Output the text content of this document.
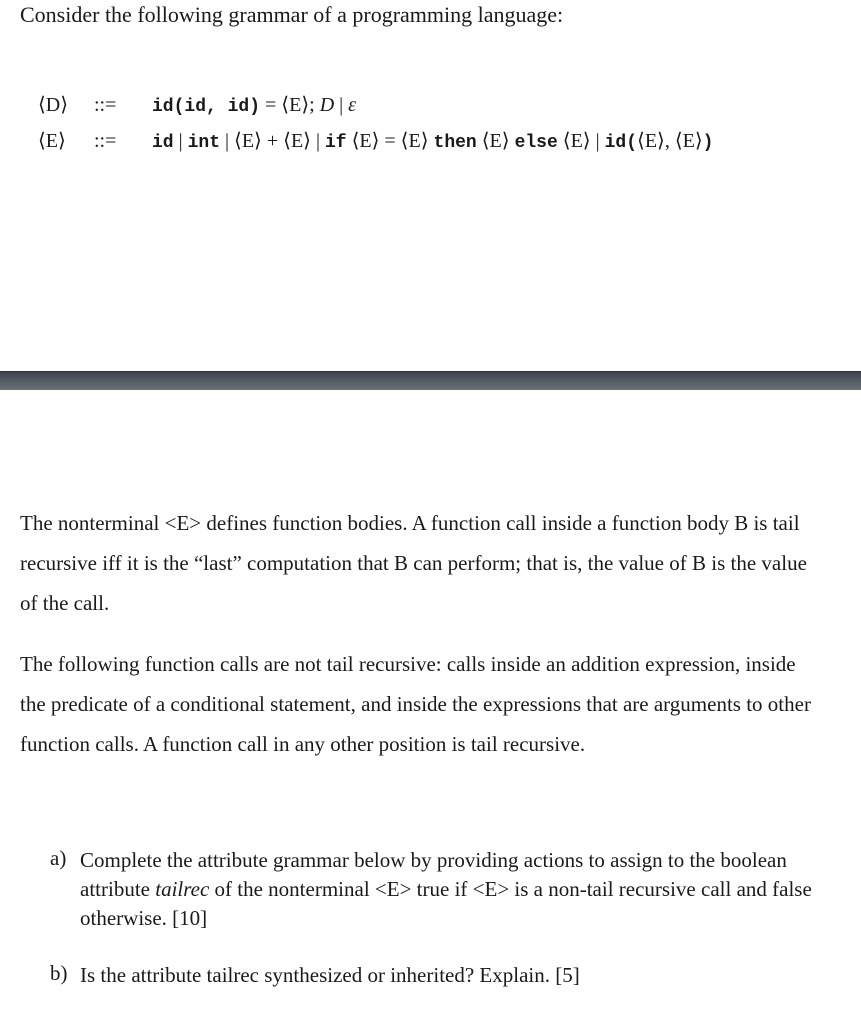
Consider the following grammar of a programming language:
⟨D⟩	::=	id(id, id) = ⟨E⟩; D | ε
⟨E⟩	::=	id | int | ⟨E⟩ + ⟨E⟩ | if ⟨E⟩ = ⟨E⟩ then ⟨E⟩ else ⟨E⟩ | id(⟨E⟩, ⟨E⟩)
The nonterminal <E> defines function bodies. A function call inside a function body B is tail recursive iff it is the “last” computation that B can perform; that is, the value of B is the value of the call.
The following function calls are not tail recursive: calls inside an addition expression, inside the predicate of a conditional statement, and inside the expressions that are arguments to other function calls. A function call in any other position is tail recursive.
a) Complete the attribute grammar below by providing actions to assign to the boolean attribute tailrec of the nonterminal <E> true if <E> is a non-tail recursive call and false otherwise. [10]
b) Is the attribute tailrec synthesized or inherited? Explain. [5]
